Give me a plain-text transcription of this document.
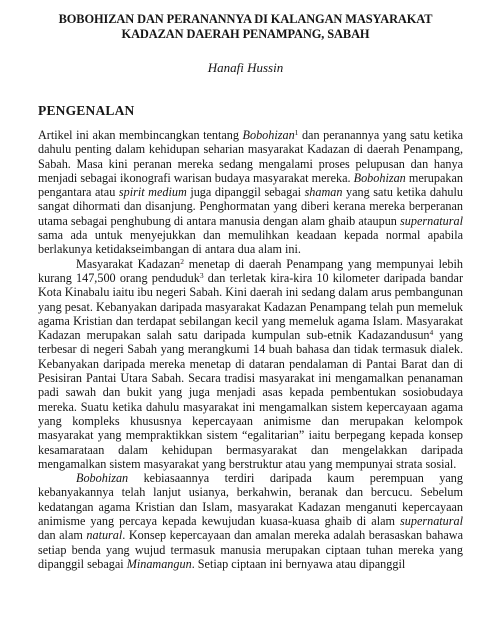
BOBOHIZAN DAN PERANANNYA DI KALANGAN MASYARAKAT
KADAZAN DAERAH PENAMPANG, SABAH
Hanafi Hussin
PENGENALAN

Artikel ini akan membincangkan tentang Bobohizan$^1$ dan peranannya yang satu ketika dahulu penting dalam kehidupan seharian masyarakat Kadazan di daerah Penampang, Sabah. Masa kini peranan mereka sedang mengalami proses pelupusan dan hanya menjadi sebagai ikonografi warisan budaya masyarakat mereka. Bobohizan merupakan pengantara atau spirit medium juga dipanggil sebagai shaman yang satu ketika dahulu sangat dihormati dan disanjung. Penghormatan yang diberi kerana mereka berperanan utama sebagai penghubung di antara manusia dengan alam ghaib ataupun supernatural sama ada untuk menyejukkan dan memulihkan keadaan kepada normal apabila berlakunya ketidakseimbangan di antara dua alam ini.

Masyarakat Kadazan$^2$ menetap di daerah Penampang yang mempunyai lebih kurang 147,500 orang penduduk$^3$ dan terletak kira-kira 10 kilometer daripada bandar Kota Kinabalu iaitu ibu negeri Sabah. Kini daerah ini sedang dalam arus pembangunan yang pesat. Kebanyakan daripada masyarakat Kadazan Penampang telah pun memeluk agama Kristian dan terdapat sebilangan kecil yang memeluk agama Islam. Masyarakat Kadazan merupakan salah satu daripada kumpulan sub-etnik Kadazandusun$^4$ yang terbesar di negeri Sabah yang merangkumi 14 buah bahasa dan tidak termasuk dialek. Kebanyakan daripada mereka menetap di dataran pendalaman di Pantai Barat dan di Pesisiran Pantai Utara Sabah. Secara tradisi masyarakat ini mengamalkan penanaman padi sawah dan bukit yang juga menjadi asas kepada pembentukan sosiobudaya mereka. Suatu ketika dahulu masyarakat ini mengamalkan sistem kepercayaan agama yang kompleks khususnya kepercayaan animisme dan merupakan kelompok masyarakat yang mempraktikkan sistem “egalitarian” iaitu berpegang kepada konsep kesamarataan dalam kehidupan bermasyarakat dan mengelakkan daripada mengamalkan sistem masyarakat yang berstruktur atau yang mempunyai strata sosial.

Bobohizan kebiasaannya terdiri daripada kaum perempuan yang kebanyakannya telah lanjut usianya, berkahwin, beranak dan bercucu. Sebelum kedatangan agama Kristian dan Islam, masyarakat Kadazan menganuti kepercayaan animisme yang percaya kepada kewujudan kuasa-kuasa ghaib di alam supernatural dan alam natural. Konsep kepercayaan dan amalan mereka adalah berasaskan bahawa setiap benda yang wujud termasuk manusia merupakan ciptaan tuhan mereka yang dipanggil sebagai Minamangun. Setiap ciptaan ini bernyawa atau dipanggil
